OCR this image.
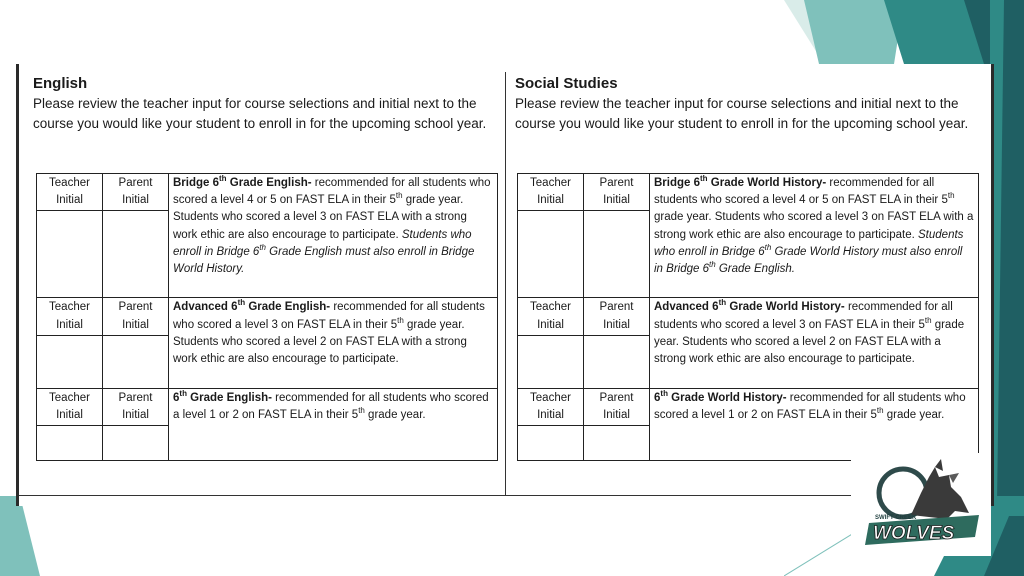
English

Please review the teacher input for course selections and initial next to the course you would like your student to enroll in for the upcoming school year.

Teacher Initial	Parent Initial	Bridge 6th Grade English- recommended for all students who scored a level 4 or 5 on FAST ELA in their 5th grade year. Students who scored a level 3 on FAST ELA with a strong work ethic are also encourage to participate. Students who enroll in Bridge 6th Grade English must also enroll in Bridge World History.

Teacher Initial	Parent Initial	Advanced 6th Grade English- recommended for all students who scored a level 3 on FAST ELA in their 5th grade year. Students who scored a level 2 on FAST ELA with a strong work ethic are also encourage to participate.

Teacher Initial	Parent Initial	6th Grade English- recommended for all students who scored a level 1 or 2 on FAST ELA in their 5th grade year.

Social Studies

Please review the teacher input for course selections and initial next to the course you would like your student to enroll in for the upcoming school year.

Teacher Initial	Parent Initial	Bridge 6th Grade World History- recommended for all students who scored a level 4 or 5 on FAST ELA in their 5th grade year. Students who scored a level 3 on FAST ELA with a strong work ethic are also encourage to participate. Students who enroll in Bridge 6th Grade World History must also enroll in Bridge 6th Grade English.

Teacher Initial	Parent Initial	Advanced 6th Grade World History- recommended for all students who scored a level 3 on FAST ELA in their 5th grade year. Students who scored a level 2 on FAST ELA with a strong work ethic are also encourage to participate.

Teacher Initial	Parent Initial	6th Grade World History- recommended for all students who scored a level 1 or 2 on FAST ELA in their 5th grade year.

SWIFT CREEK
WOLVES
